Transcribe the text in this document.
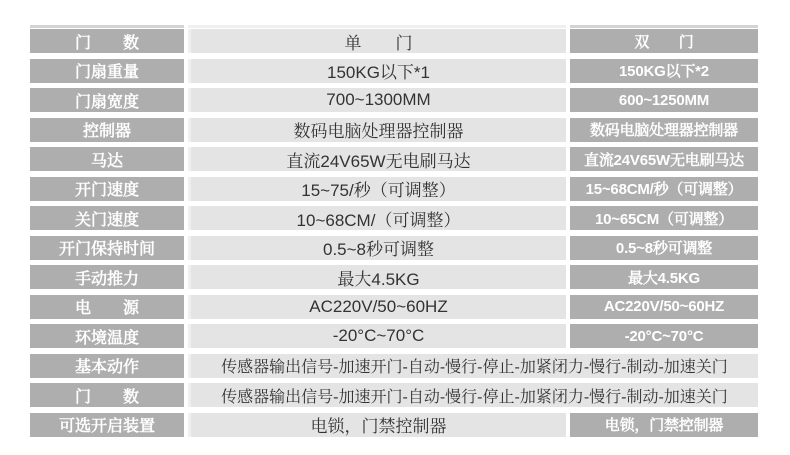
门　　数	单　　门	双　　门
门扇重量	150KG以下*1	150KG以下*2
门扇宽度	700~1300MM	600~1250MM
控制器	数码电脑处理器控制器	数码电脑处理器控制器
马达	直流24V65W无电刷马达	直流24V65W无电刷马达
开门速度	15~75/秒（可调整）	15~68CM/秒（可调整）
关门速度	10~68CM/（可调整）	10~65CM（可调整）
开门保持时间	0.5~8秒可调整	0.5~8秒可调整
手动推力	最大4.5KG	最大4.5KG
电　　源	AC220V/50~60HZ	AC220V/50~60HZ
环境温度	-20°C~70°C	-20°C~70°C
基本动作	传感器输出信号-加速开门-自动-慢行-停止-加紧闭力-慢行-制动-加速关门
门　　数	传感器输出信号-加速开门-自动-慢行-停止-加紧闭力-慢行-制动-加速关门
可选开启装置	电锁，门禁控制器	电锁，门禁控制器
